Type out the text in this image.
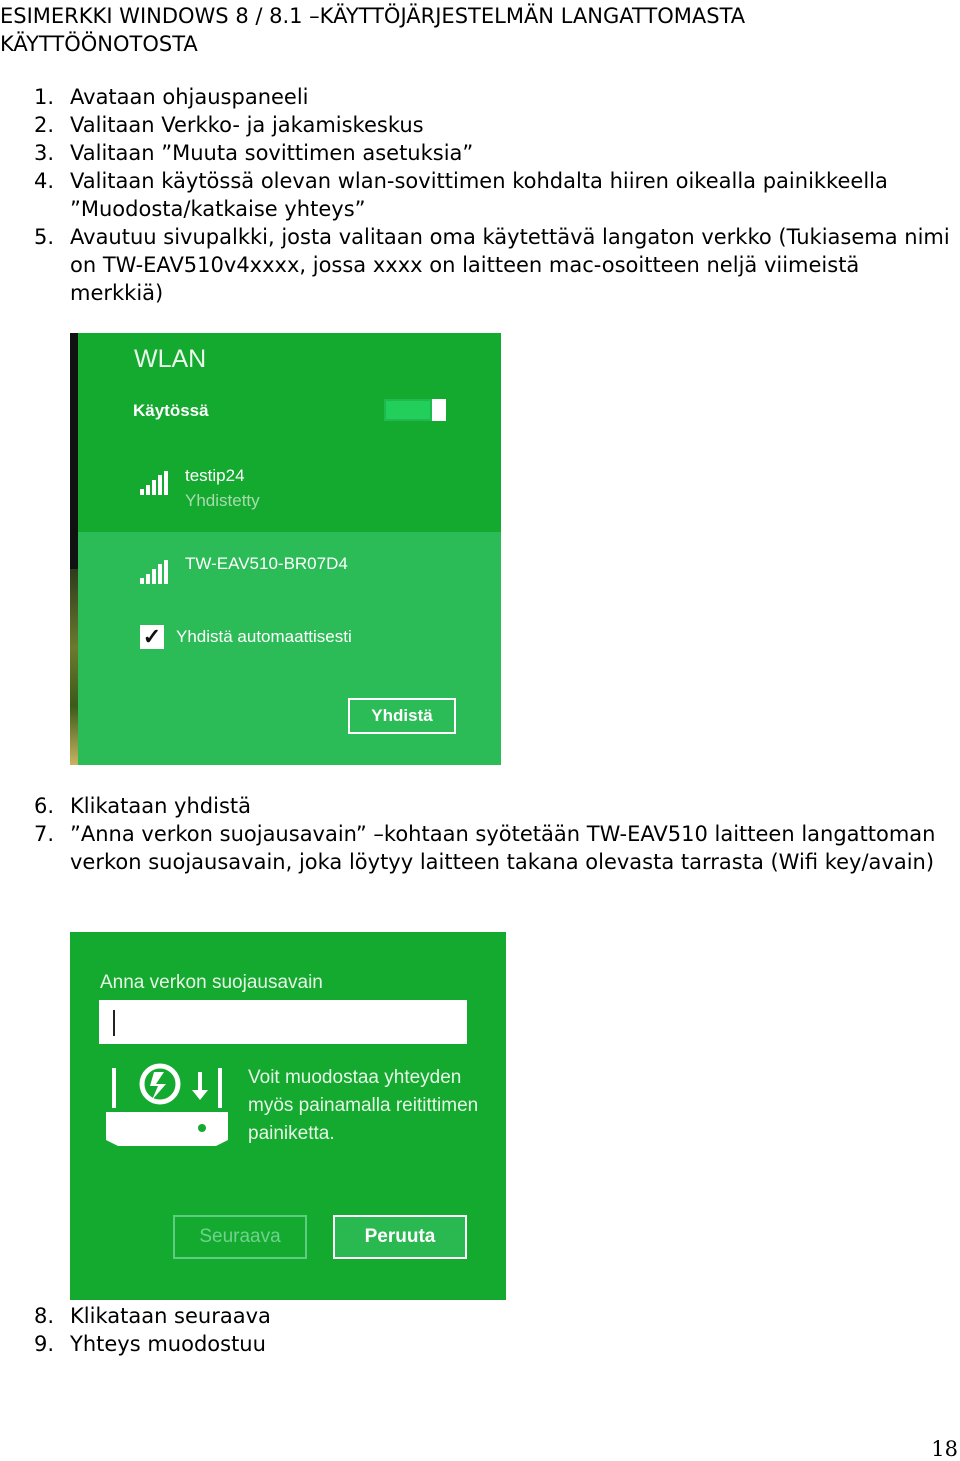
ESIMERKKI WINDOWS 8 / 8.1 –KÄYTTÖJÄRJESTELMÄN LANGATTOMASTA KÄYTTÖÖNOTOSTA
1. Avataan ohjauspaneeli
2. Valitaan Verkko- ja jakamiskeskus
3. Valitaan ”Muuta sovittimen asetuksia”
4. Valitaan käytössä olevan wlan-sovittimen kohdalta hiiren oikealla painikkeella ”Muodosta/katkaise yhteys”
5. Avautuu sivupalkki, josta valitaan oma käytettävä langaton verkko (Tukiasema nimi on TW-EAV510v4xxxx, jossa xxxx on laitteen mac-osoitteen neljä viimeistä merkkiä)
WLAN
Käytössä
testip24
Yhdistetty
TW-EAV510-BR07D4
✓ Yhdistä automaattisesti
Yhdistä
6. Klikataan yhdistä
7. ”Anna verkon suojausavain” –kohtaan syötetään TW-EAV510 laitteen langattoman verkon suojausavain, joka löytyy laitteen takana olevasta tarrasta (Wifi key/avain)
Anna verkon suojausavain
Voit muodostaa yhteyden myös painamalla reitittimen painiketta.
Seuraava	Peruuta
8. Klikataan seuraava
9. Yhteys muodostuu
18
